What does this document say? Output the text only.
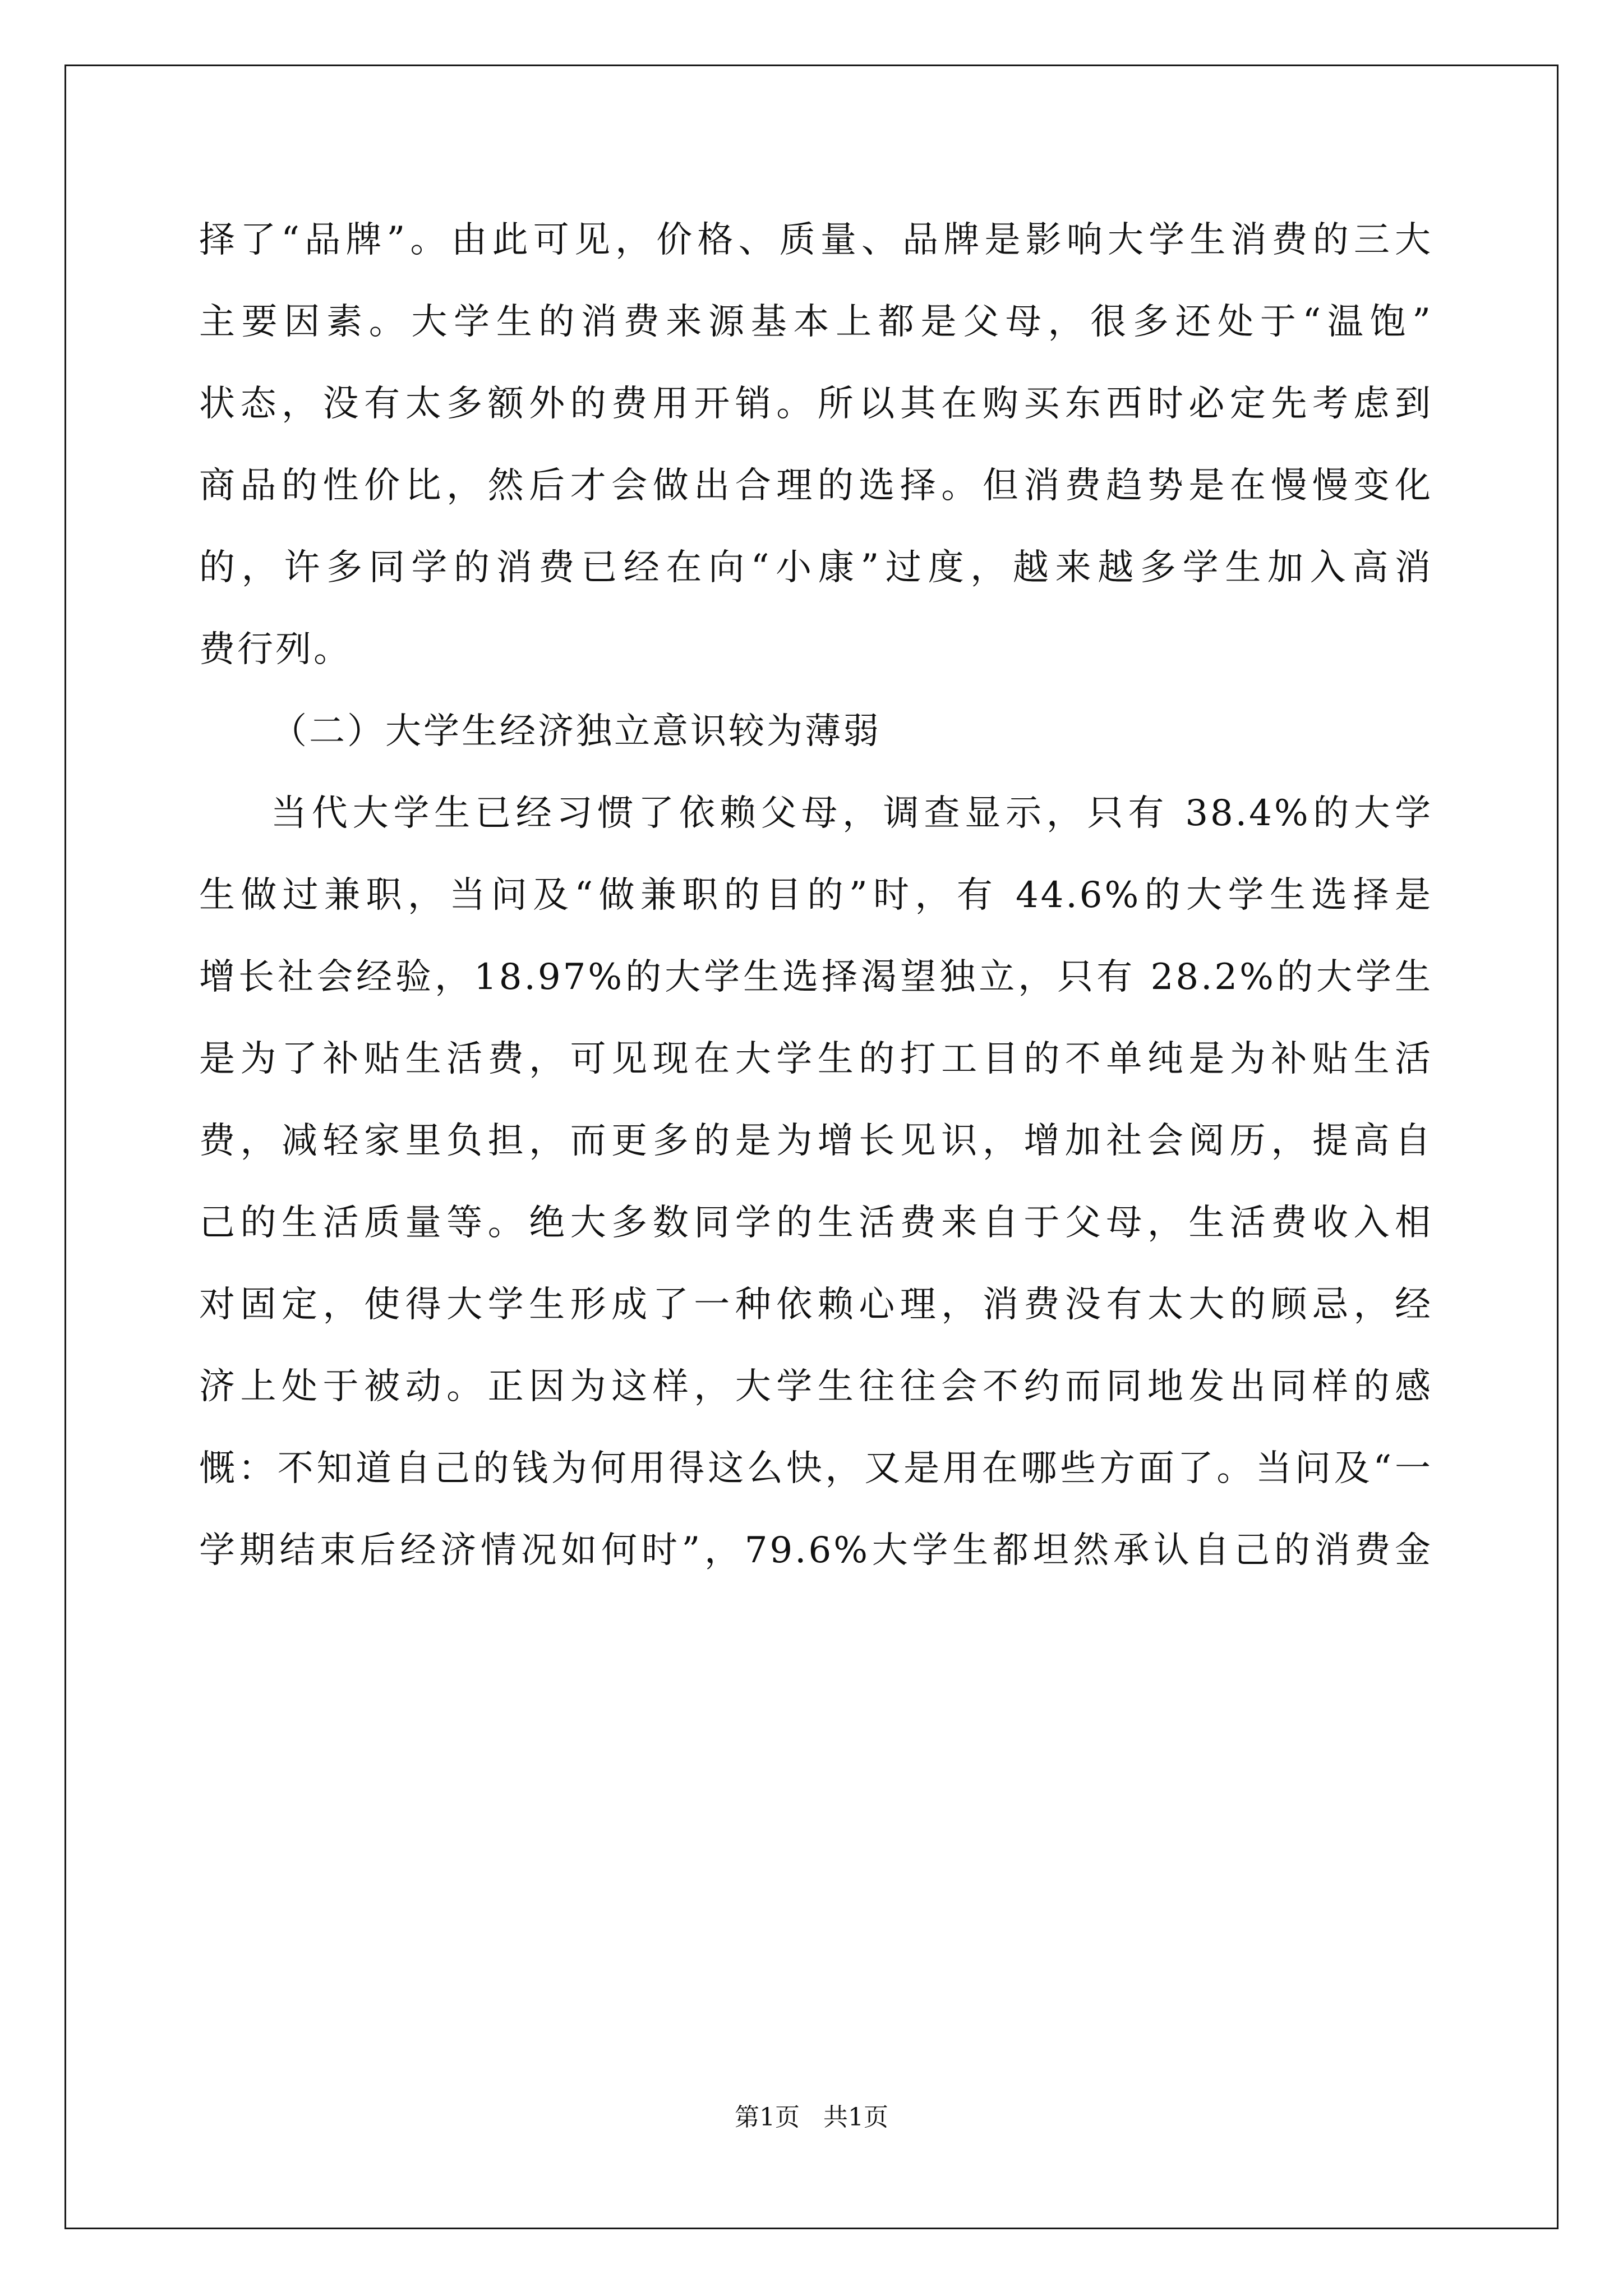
择了“品牌”。由此可见，价格、质量、品牌是影响大学生消费的三大
主要因素。大学生的消费来源基本上都是父母，很多还处于“温饱”
状态，没有太多额外的费用开销。所以其在购买东西时必定先考虑到
商品的性价比，然后才会做出合理的选择。但消费趋势是在慢慢变化
的，许多同学的消费已经在向“小康”过度，越来越多学生加入高消
费行列。
（二）大学生经济独立意识较为薄弱
当代大学生已经习惯了依赖父母，调查显示，只有 38.4%的大学
生做过兼职，当问及“做兼职的目的”时，有 44.6%的大学生选择是
增长社会经验，18.97%的大学生选择渴望独立，只有 28.2%的大学生
是为了补贴生活费，可见现在大学生的打工目的不单纯是为补贴生活
费，减轻家里负担，而更多的是为增长见识，增加社会阅历，提高自
己的生活质量等。绝大多数同学的生活费来自于父母，生活费收入相
对固定，使得大学生形成了一种依赖心理，消费没有太大的顾忌，经
济上处于被动。正因为这样，大学生往往会不约而同地发出同样的感
慨：不知道自己的钱为何用得这么快，又是用在哪些方面了。当问及“一
学期结束后经济情况如何时”，79.6%大学生都坦然承认自己的消费金
第1页   共1页
